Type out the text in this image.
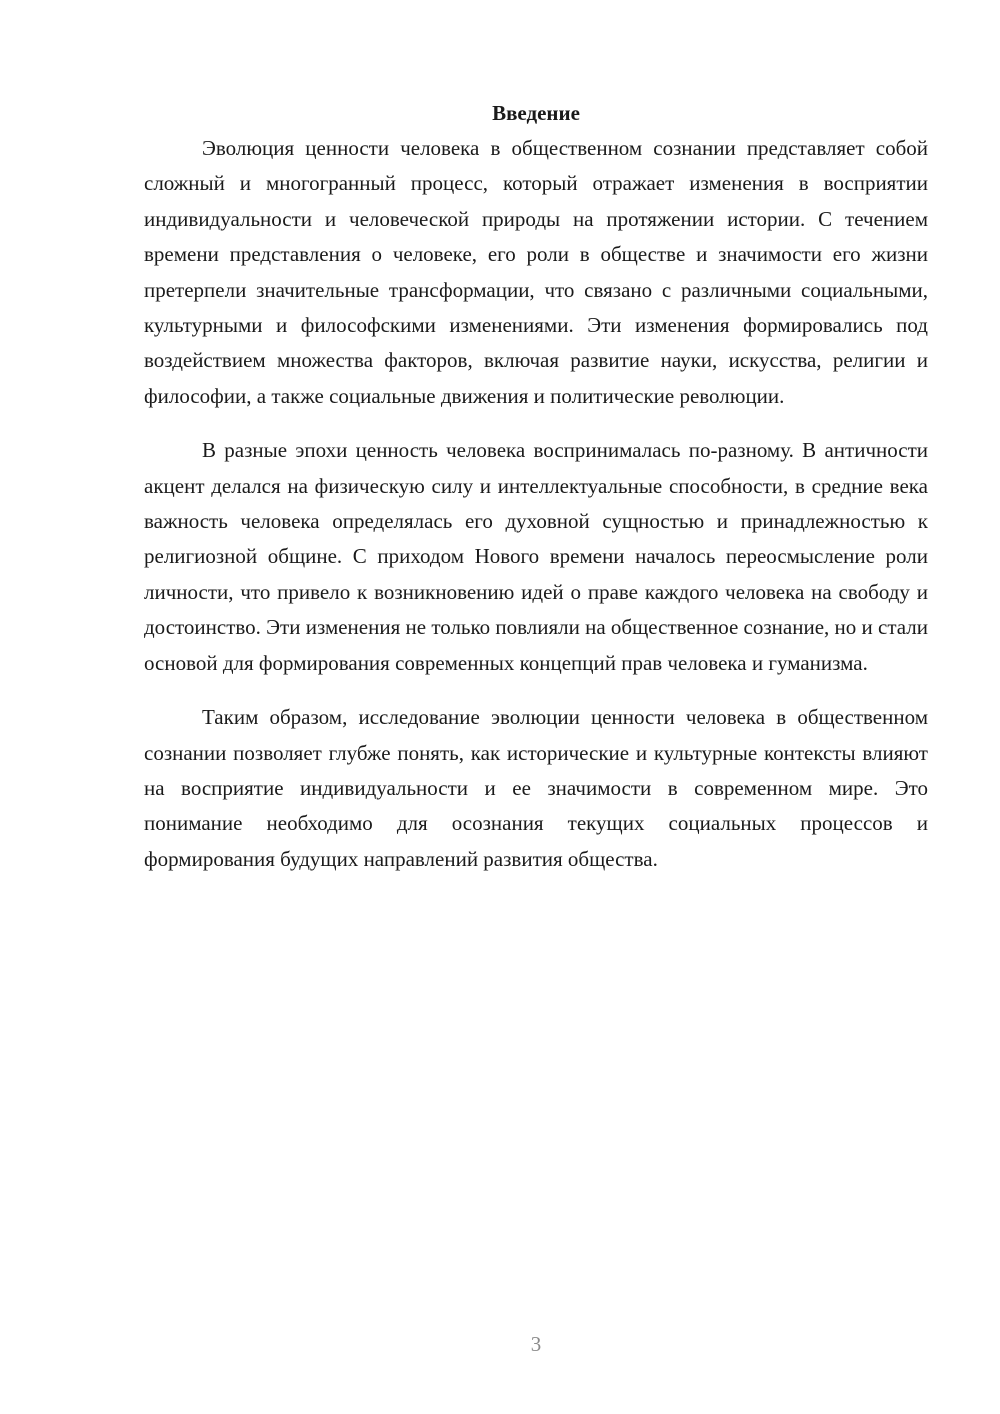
Введение

Эволюция ценности человека в общественном сознании представляет собой сложный и многогранный процесс, который отражает изменения в восприятии индивидуальности и человеческой природы на протяжении истории. С течением времени представления о человеке, его роли в обществе и значимости его жизни претерпели значительные трансформации, что связано с различными социальными, культурными и философскими изменениями. Эти изменения формировались под воздействием множества факторов, включая развитие науки, искусства, религии и философии, а также социальные движения и политические революции.

В разные эпохи ценность человека воспринималась по-разному. В античности акцент делался на физическую силу и интеллектуальные способности, в средние века важность человека определялась его духовной сущностью и принадлежностью к религиозной общине. С приходом Нового времени началось переосмысление роли личности, что привело к возникновению идей о праве каждого человека на свободу и достоинство. Эти изменения не только повлияли на общественное сознание, но и стали основой для формирования современных концепций прав человека и гуманизма.

Таким образом, исследование эволюции ценности человека в общественном сознании позволяет глубже понять, как исторические и культурные контексты влияют на восприятие индивидуальности и ее значимости в современном мире. Это понимание необходимо для осознания текущих социальных процессов и формирования будущих направлений развития общества.

3
